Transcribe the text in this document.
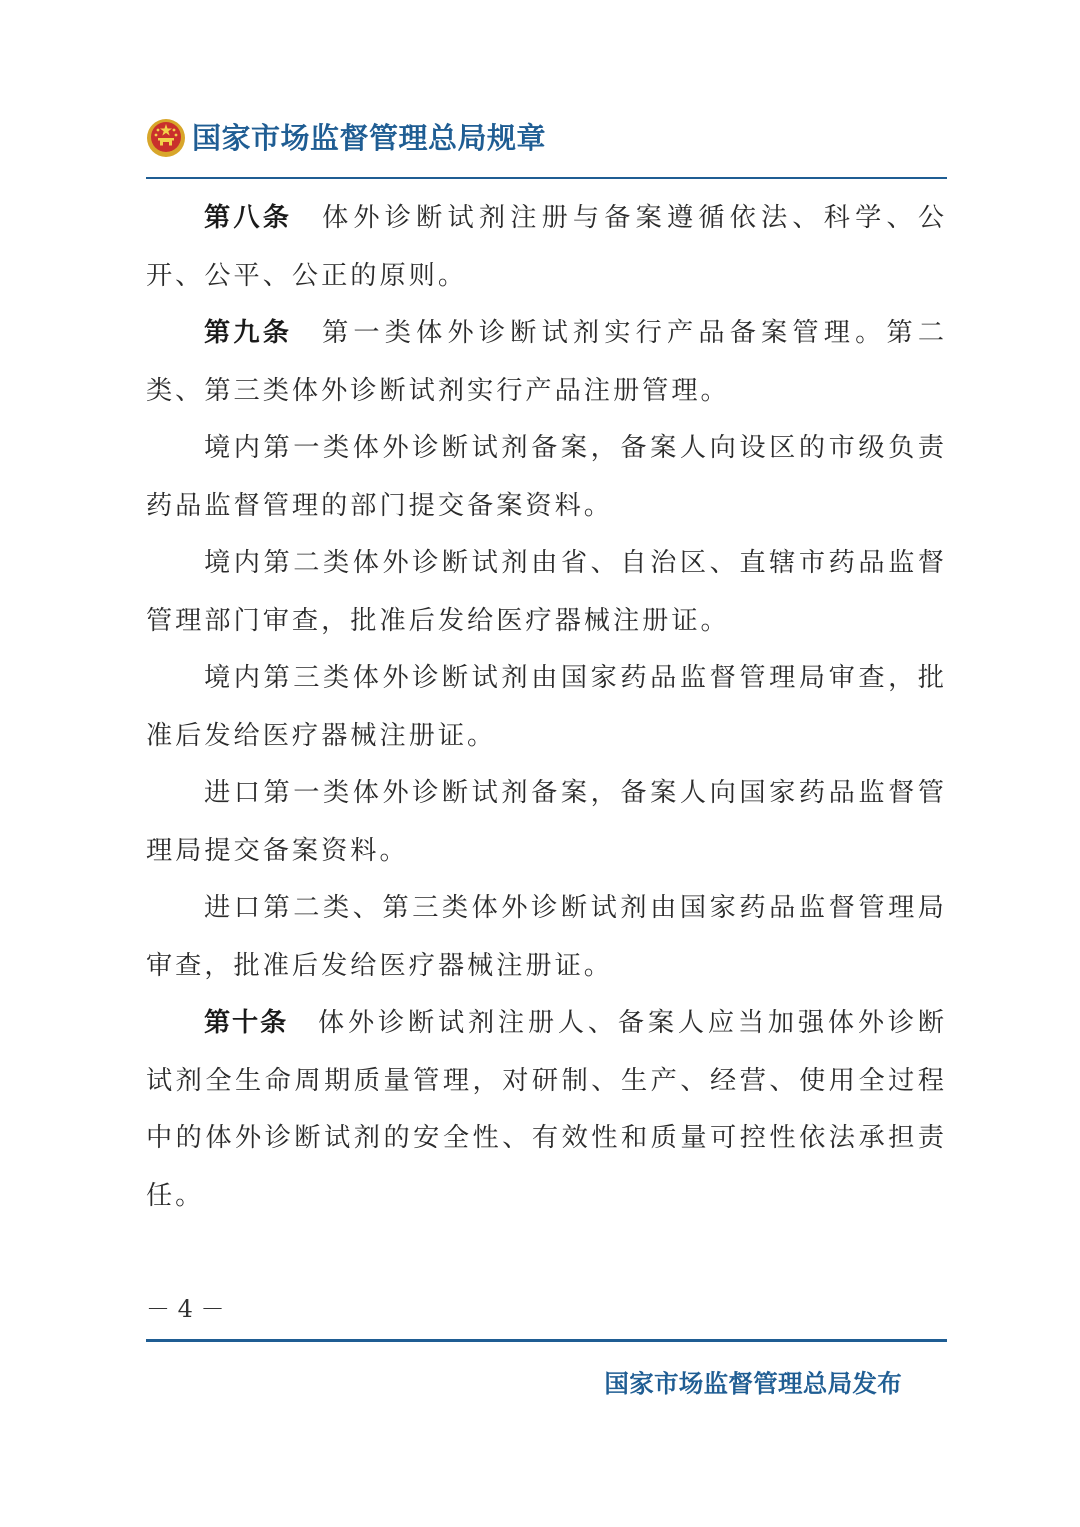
国家市场监督管理总局规章

第八条 体外诊断试剂注册与备案遵循依法、科学、公开、公平、公正的原则。

第九条 第一类体外诊断试剂实行产品备案管理。第二类、第三类体外诊断试剂实行产品注册管理。

境内第一类体外诊断试剂备案，备案人向设区的市级负责药品监督管理的部门提交备案资料。

境内第二类体外诊断试剂由省、自治区、直辖市药品监督管理部门审查，批准后发给医疗器械注册证。

境内第三类体外诊断试剂由国家药品监督管理局审查，批准后发给医疗器械注册证。

进口第一类体外诊断试剂备案，备案人向国家药品监督管理局提交备案资料。

进口第二类、第三类体外诊断试剂由国家药品监督管理局审查，批准后发给医疗器械注册证。

第十条 体外诊断试剂注册人、备案人应当加强体外诊断试剂全生命周期质量管理，对研制、生产、经营、使用全过程中的体外诊断试剂的安全性、有效性和质量可控性依法承担责任。

－ 4 －
国家市场监督管理总局发布
